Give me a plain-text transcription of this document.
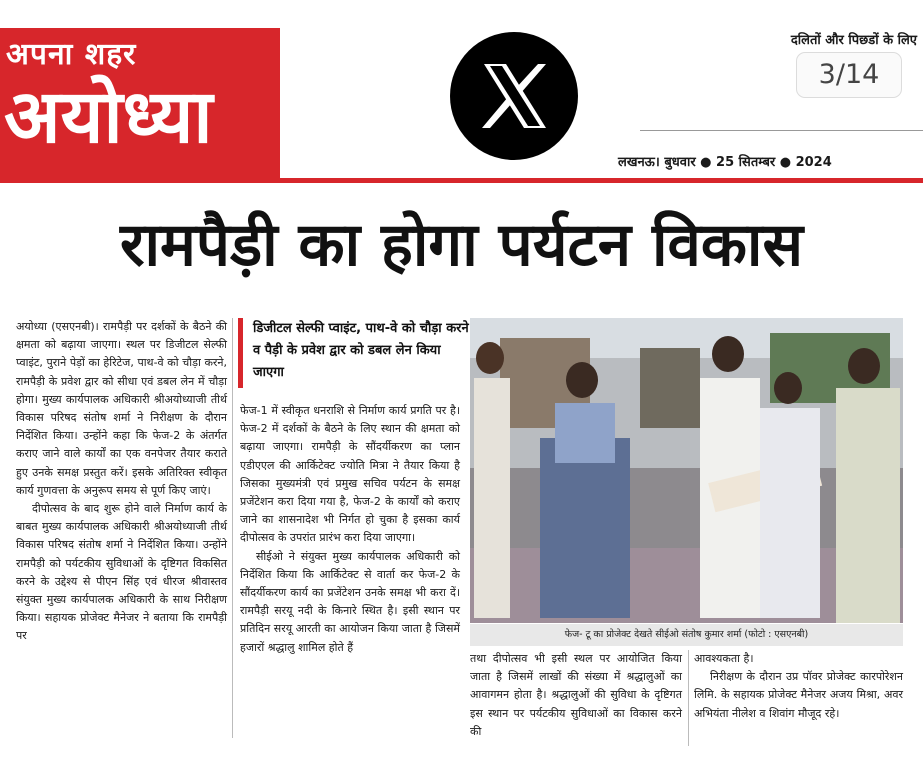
अपना शहर
अयोध्या
दलितों और पिछडों के लिए
3/14
लखनऊ। बुधवार ● 25 सितम्बर ● 2024
रामपैड़ी का होगा पर्यटन विकास

अयोध्या (एसएनबी)। रामपैड़ी पर दर्शकों के बैठने की क्षमता को बढ़ाया जाएगा। स्थल पर डिजीटल सेल्फी प्वाइंट, पुराने पेड़ों का हेरिटेज, पाथ-वे को चौड़ा करने, रामपैड़ी के प्रवेश द्वार को सीधा एवं डबल लेन में चौड़ा होगा। मुख्य कार्यपालक अधिकारी श्रीअयोध्याजी तीर्थ विकास परिषद संतोष शर्मा ने निरीक्षण के दौरान निर्देशित किया। उन्होंने कहा कि फेज-2 के अंतर्गत कराए जाने वाले कार्यों का एक वनपेजर तैयार कराते हुए उनके समक्ष प्रस्तुत करें। इसके अतिरिक्त स्वीकृत कार्य गुणवत्ता के अनुरूप समय से पूर्ण किए जाएं।

दीपोत्सव के बाद शुरू होने वाले निर्माण कार्य के बाबत मुख्य कार्यपालक अधिकारी श्रीअयोध्याजी तीर्थ विकास परिषद संतोष शर्मा ने निर्देशित किया। उन्होंने रामपैड़ी को पर्यटकीय सुविधाओं के दृष्टिगत विकसित करने के उद्देश्य से पीएन सिंह एवं धीरज श्रीवास्तव संयुक्त मुख्य कार्यपालक अधिकारी के साथ निरीक्षण किया। सहायक प्रोजेक्ट मैनेजर ने बताया कि रामपैड़ी पर

डिजीटल सेल्फी प्वाइंट, पाथ-वे को चौड़ा करने व पैड़ी के प्रवेश द्वार को डबल लेन किया जाएगा

फेज-1 में स्वीकृत धनराशि से निर्माण कार्य प्रगति पर है। फेज-2 में दर्शकों के बैठने के लिए स्थान की क्षमता को बढ़ाया जाएगा। रामपैड़ी के सौंदर्यीकरण का प्लान एडीएएल की आर्किटेक्ट ज्योति मित्रा ने तैयार किया है जिसका मुख्यमंत्री एवं प्रमुख सचिव पर्यटन के समक्ष प्रजेंटेशन करा दिया गया है, फेज-2 के कार्यों को कराए जाने का शासनादेश भी निर्गत हो चुका है इसका कार्य दीपोत्सव के उपरांत प्रारंभ करा दिया जाएगा।

सीईओ ने संयुक्त मुख्य कार्यपालक अधिकारी को निर्देशित किया कि आर्किटेक्ट से वार्ता कर फेज-2 के सौंदर्यीकरण कार्य का प्रजेंटेशन उनके समक्ष भी करा दें। रामपैड़ी सरयू नदी के किनारे स्थित है। इसी स्थान पर प्रतिदिन सरयू आरती का आयोजन किया जाता है जिसमें हजारों श्रद्धालु शामिल होते हैं

फेज- टू का प्रोजेक्ट देखते सीईओ संतोष कुमार शर्मा (फोटो : एसएनबी)

तथा दीपोत्सव भी इसी स्थल पर आयोजित किया जाता है जिसमें लाखों की संख्या में श्रद्धालुओं का आवागमन होता है। श्रद्धालुओं की सुविधा के दृष्टिगत इस स्थान पर पर्यटकीय सुविधाओं का विकास करने की

आवश्यकता है।

निरीक्षण के दौरान उप्र पॉवर प्रोजेक्ट कारपोरेशन लिमि. के सहायक प्रोजेक्ट मैनेजर अजय मिश्रा, अवर अभियंता नीलेश व शिवांग मौजूद रहे।
